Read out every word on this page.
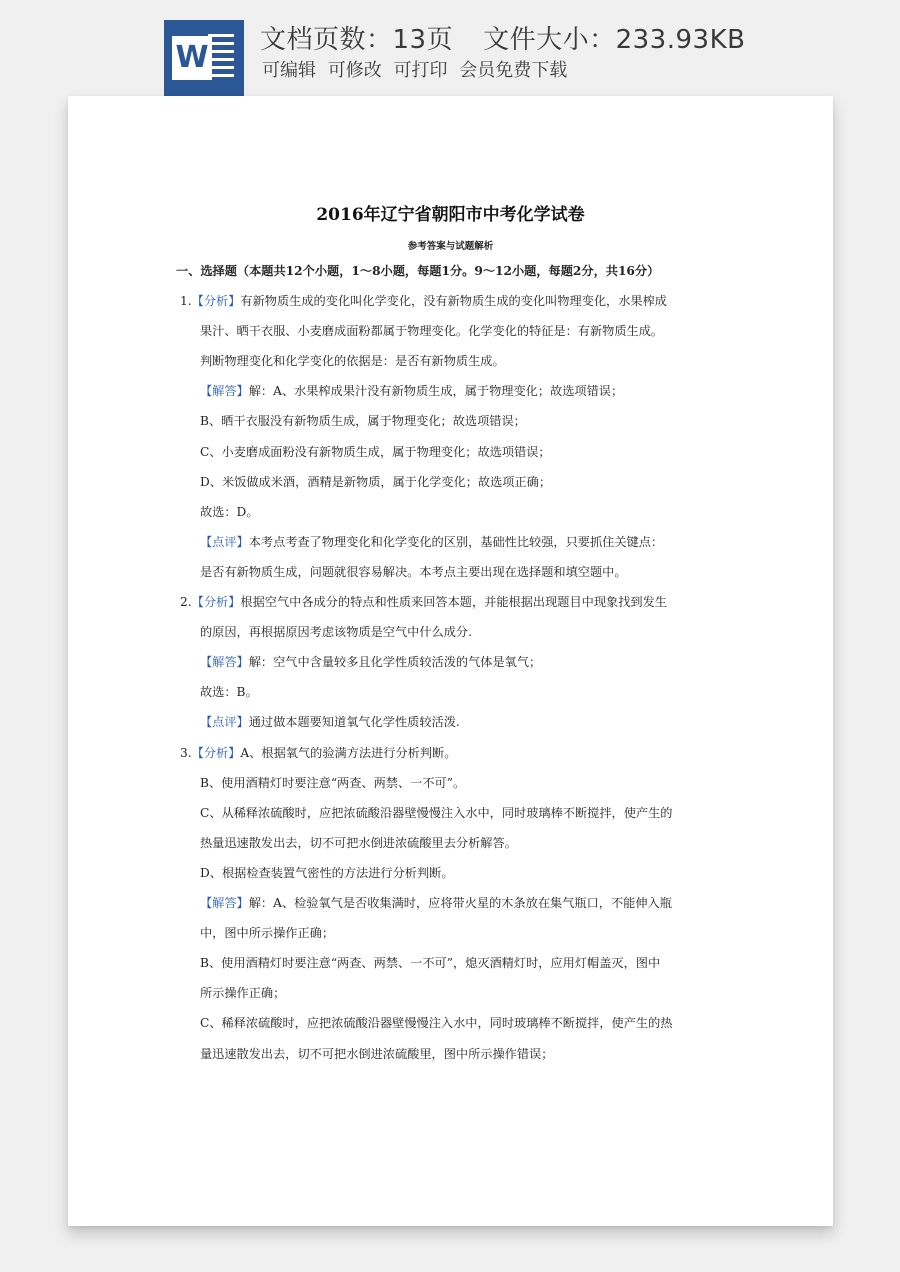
W 文档页数：13页 文件大小：233.93KB
可编辑 可修改 可打印 会员免费下载
2016年辽宁省朝阳市中考化学试卷
参考答案与试题解析
一、选择题（本题共12个小题，1～8小题，每题1分。9～12小题，每题2分，共16分）
1.【分析】有新物质生成的变化叫化学变化，没有新物质生成的变化叫物理变化，水果榨成
果汁、晒干衣服、小麦磨成面粉都属于物理变化。化学变化的特征是：有新物质生成。
判断物理变化和化学变化的依据是：是否有新物质生成。
【解答】解：A、水果榨成果汁没有新物质生成，属于物理变化；故选项错误；
B、晒干衣服没有新物质生成，属于物理变化；故选项错误；
C、小麦磨成面粉没有新物质生成，属于物理变化；故选项错误；
D、米饭做成米酒，酒精是新物质，属于化学变化；故选项正确；
故选：D。
【点评】本考点考查了物理变化和化学变化的区别，基础性比较强，只要抓住关键点：
是否有新物质生成，问题就很容易解决。本考点主要出现在选择题和填空题中。
2.【分析】根据空气中各成分的特点和性质来回答本题，并能根据出现题目中现象找到发生
的原因，再根据原因考虑该物质是空气中什么成分.
【解答】解：空气中含量较多且化学性质较活泼的气体是氧气；
故选：B。
【点评】通过做本题要知道氧气化学性质较活泼.
3.【分析】A、根据氧气的验满方法进行分析判断。
B、使用酒精灯时要注意“两查、两禁、一不可”。
C、从稀释浓硫酸时，应把浓硫酸沿器壁慢慢注入水中，同时玻璃棒不断搅拌，使产生的
热量迅速散发出去，切不可把水倒进浓硫酸里去分析解答。
D、根据检查装置气密性的方法进行分析判断。
【解答】解：A、检验氧气是否收集满时，应将带火星的木条放在集气瓶口，不能伸入瓶
中，图中所示操作正确；
B、使用酒精灯时要注意“两查、两禁、一不可”，熄灭酒精灯时，应用灯帽盖灭，图中
所示操作正确；
C、稀释浓硫酸时，应把浓硫酸沿器壁慢慢注入水中，同时玻璃棒不断搅拌，使产生的热
量迅速散发出去，切不可把水倒进浓硫酸里，图中所示操作错误；
